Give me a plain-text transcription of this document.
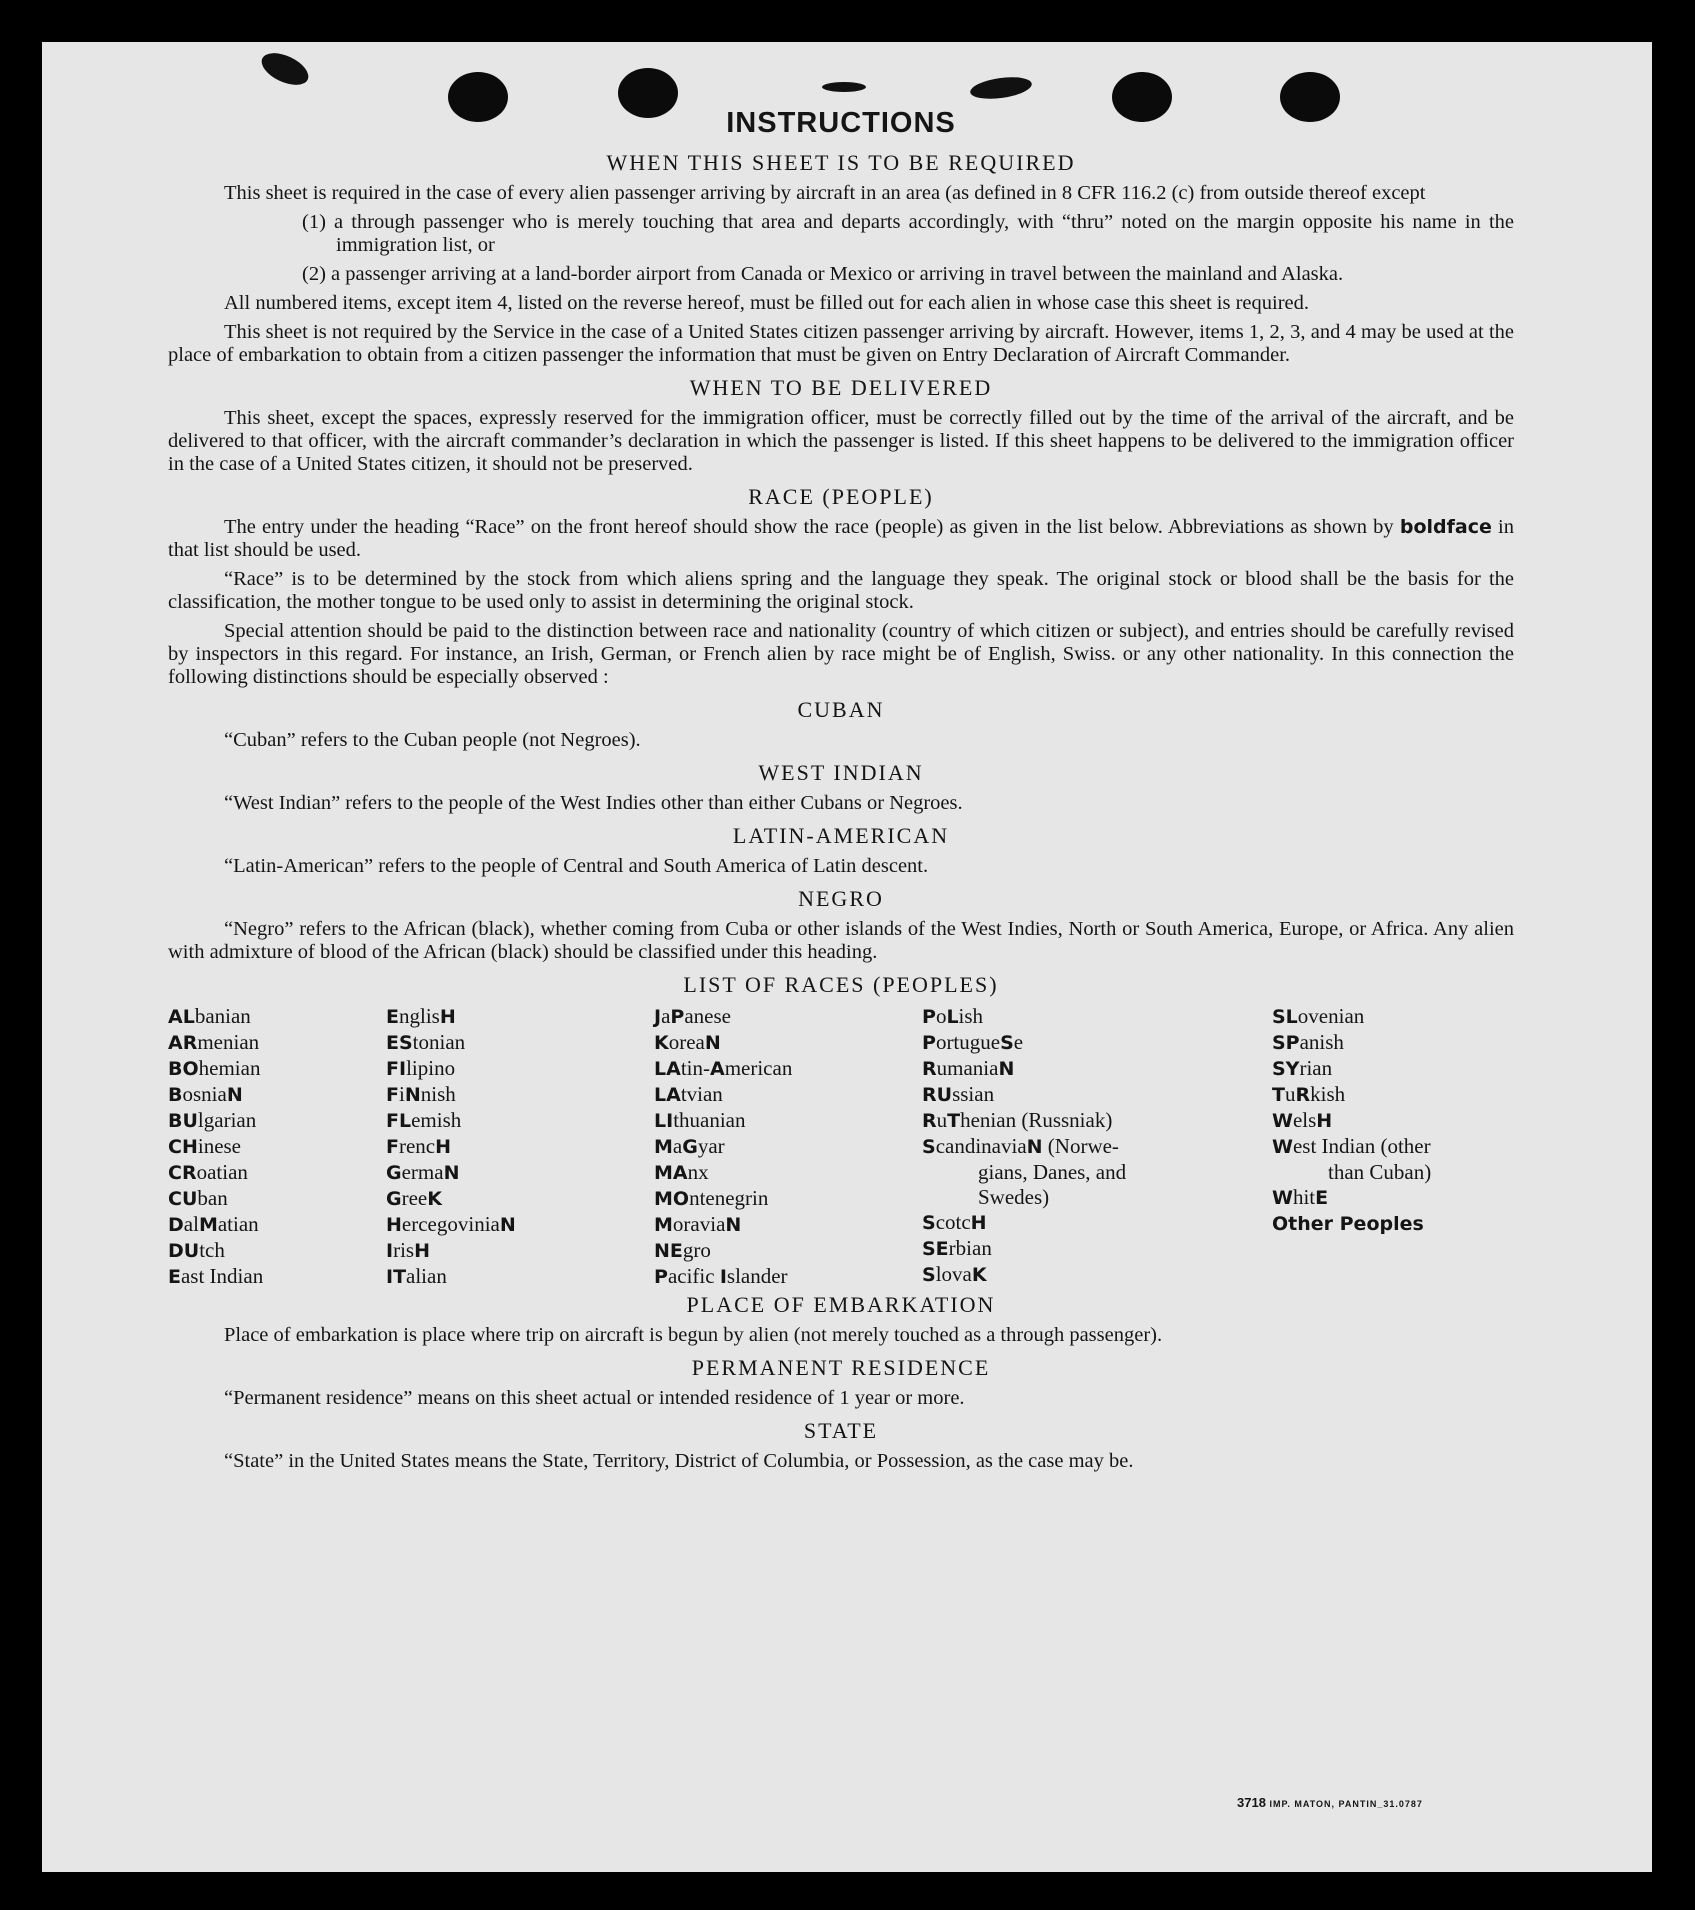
INSTRUCTIONS
WHEN THIS SHEET IS TO BE REQUIRED

This sheet is required in the case of every alien passenger arriving by aircraft in an area (as defined in 8 CFR 116.2 (c) from outside thereof except

(1) a through passenger who is merely touching that area and departs accordingly, with “thru” noted on the margin opposite his name in the immigration list, or

(2) a passenger arriving at a land-border airport from Canada or Mexico or arriving in travel between the mainland and Alaska.

All numbered items, except item 4, listed on the reverse hereof, must be filled out for each alien in whose case this sheet is required.

This sheet is not required by the Service in the case of a United States citizen passenger arriving by aircraft. However, items 1, 2, 3, and 4 may be used at the place of embarkation to obtain from a citizen passenger the information that must be given on Entry Declaration of Aircraft Commander.

WHEN TO BE DELIVERED

This sheet, except the spaces, expressly reserved for the immigration officer, must be correctly filled out by the time of the arrival of the aircraft, and be delivered to that officer, with the aircraft commander’s declaration in which the passenger is listed. If this sheet happens to be delivered to the immigration officer in the case of a United States citizen, it should not be preserved.

RACE (PEOPLE)

The entry under the heading “Race” on the front hereof should show the race (people) as given in the list below. Abbreviations as shown by boldface in that list should be used.

“Race” is to be determined by the stock from which aliens spring and the language they speak. The original stock or blood shall be the basis for the classification, the mother tongue to be used only to assist in determining the original stock.

Special attention should be paid to the distinction between race and nationality (country of which citizen or subject), and entries should be carefully revised by inspectors in this regard. For instance, an Irish, German, or French alien by race might be of English, Swiss. or any other nationality. In this connection the following distinctions should be especially observed :

CUBAN

“Cuban” refers to the Cuban people (not Negroes).

WEST INDIAN

“West Indian” refers to the people of the West Indies other than either Cubans or Negroes.

LATIN-AMERICAN

“Latin-American” refers to the people of Central and South America of Latin descent.

NEGRO

“Negro” refers to the African (black), whether coming from Cuba or other islands of the West Indies, North or South America, Europe, or Africa. Any alien with admixture of blood of the African (black) should be classified under this heading.

LIST OF RACES (PEOPLES)
ALbanian
ARmenian
BOhemian
BosniaN
BUlgarian
CHinese
CRoatian
CUban
DalMatian
DUtch
East Indian
EnglisH
EStonian
FIlipino
FiNnish
FLemish
FrencH
GermaN
GreeK
HercegoviniaN
IrisH
ITalian
JaPanese
KoreaN
LAtin-American
LAtvian
LIthuanian
MaGyar
MAnx
MOntenegrin
MoraviaN
NEgro
Pacific Islander
PoLish
PortugueSe
RumaniaN
RUssian
RuThenian (Russniak)
ScandinaviaN (Norwe-
gians, Danes, and
Swedes)
ScotcH
SErbian
SlovaK
SLovenian
SPanish
SYrian
TuRkish
WelsH
West Indian (other
than Cuban)
WhitE
Other Peoples
PLACE OF EMBARKATION

Place of embarkation is place where trip on aircraft is begun by alien (not merely touched as a through passenger).

PERMANENT RESIDENCE

“Permanent residence” means on this sheet actual or intended residence of 1 year or more.

STATE

“State” in the United States means the State, Territory, District of Columbia, or Possession, as the case may be.

3718 IMP. MATON, PANTIN_31.0787
